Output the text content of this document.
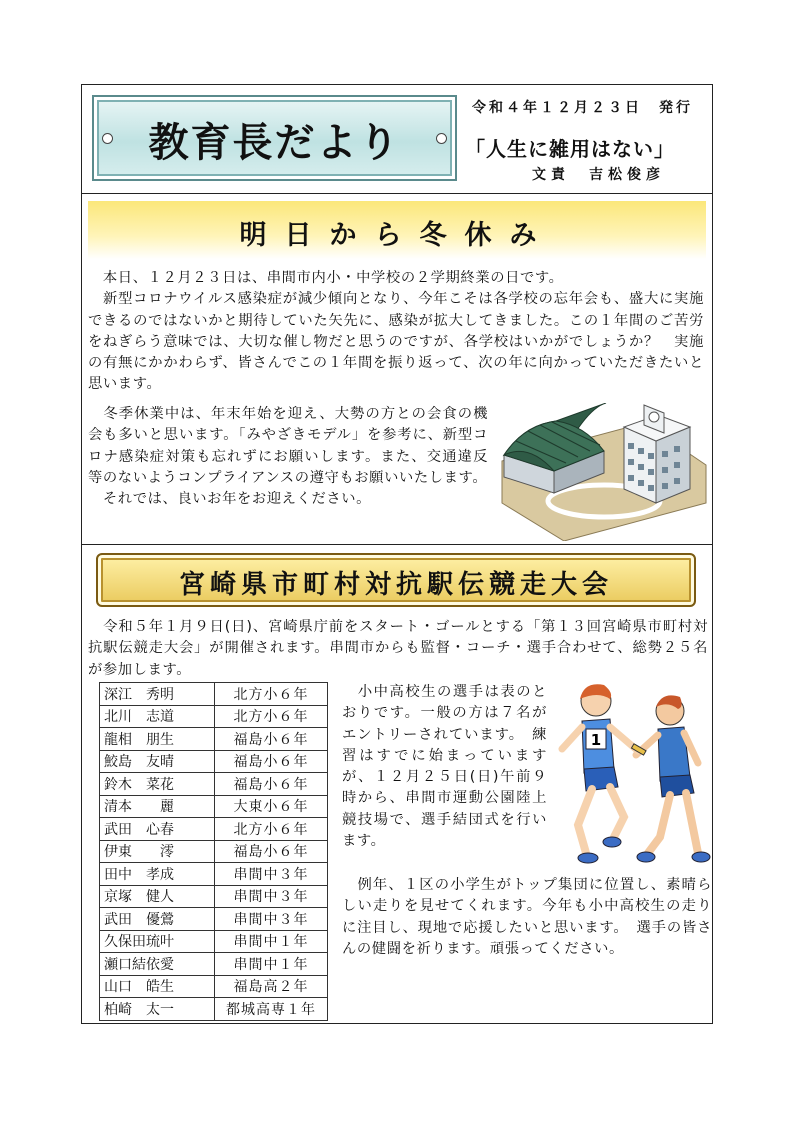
教育長だより
令和４年１２月２３日　発行
「人生に雑用はない」
文責　吉松俊彦
明日から冬休み
　本日、１２月２３日は、串間市内小・中学校の２学期終業の日です。
　新型コロナウイルス感染症が減少傾向となり、今年こそは各学校の忘年会も、盛大に実施できるのではないかと期待していた矢先に、感染が拡大してきました。この１年間のご苦労をねぎらう意味では、大切な催し物だと思うのですが、各学校はいかがでしょうか？　実施の有無にかかわらず、皆さんでこの１年間を振り返って、次の年に向かっていただきたいと思います。
　冬季休業中は、年末年始を迎え、大勢の方との会食の機会も多いと思います。「みやざきモデル」を参考に、新型コロナ感染症対策も忘れずにお願いします。また、交通違反等のないようコンプライアンスの遵守もお願いいたします。
　それでは、良いお年をお迎えください。
宮崎県市町村対抗駅伝競走大会
　令和５年１月９日(日)、宮崎県庁前をスタート・ゴールとする「第１３回宮崎県市町村対抗駅伝競走大会」が開催されます。串間市からも監督・コーチ・選手合わせて、総勢２５名が参加します。
深江　秀明	北方小６年
北川　志道	北方小６年
龍相　朋生	福島小６年
鮫島　友晴	福島小６年
鈴木　菜花	福島小６年
清本　　麗	大東小６年
武田　心春	北方小６年
伊東　　澪	福島小６年
田中　孝成	串間中３年
京塚　健人	串間中３年
武田　優鶯	串間中３年
久保田琉叶	串間中１年
瀬口結依愛	串間中１年
山口　皓生	福島高２年
柏崎　太一	都城高専１年
　小中高校生の選手は表のとおりです。一般の方は７名がエントリーされています。　練習はすでに始まっていますが、１２月２５日(日)午前９時から、串間市運動公園陸上競技場で、選手結団式を行います。
　例年、１区の小学生がトップ集団に位置し、素晴らしい走りを見せてくれます。今年も小中高校生の走りに注目し、現地で応援したいと思います。　選手の皆さんの健闘を祈ります。頑張ってください。
1
